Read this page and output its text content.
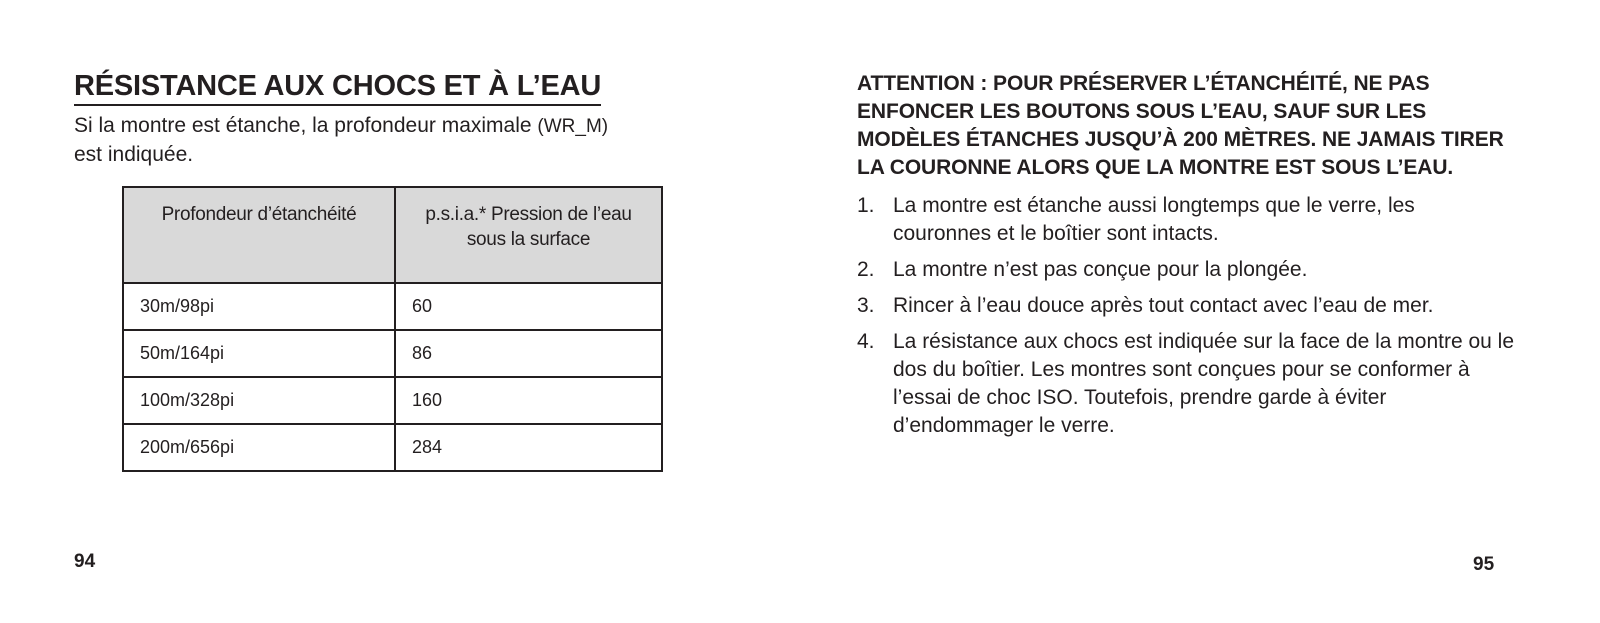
RÉSISTANCE AUX CHOCS ET À L’EAU

Si la montre est étanche, la profondeur maximale (WR_M)
est indiquée.

Profondeur d’étanchéité	p.s.i.a.* Pression de l’eau sous la surface
30m/98pi	60
50m/164pi	86
100m/328pi	160
200m/656pi	284

ATTENTION : POUR PRÉSERVER L’ÉTANCHÉITÉ, NE PAS ENFONCER LES BOUTONS SOUS L’EAU, SAUF SUR LES MODÈLES ÉTANCHES JUSQU’À 200 MÈTRES. NE JAMAIS TIRER LA COURONNE ALORS QUE LA MONTRE EST SOUS L’EAU.

1. La montre est étanche aussi longtemps que le verre, les couronnes et le boîtier sont intacts.
2. La montre n’est pas conçue pour la plongée.
3. Rincer à l’eau douce après tout contact avec l’eau de mer.
4. La résistance aux chocs est indiquée sur la face de la montre ou le dos du boîtier. Les montres sont conçues pour se conformer à l’essai de choc ISO. Toutefois, prendre garde à éviter d’endommager le verre.
94	95
